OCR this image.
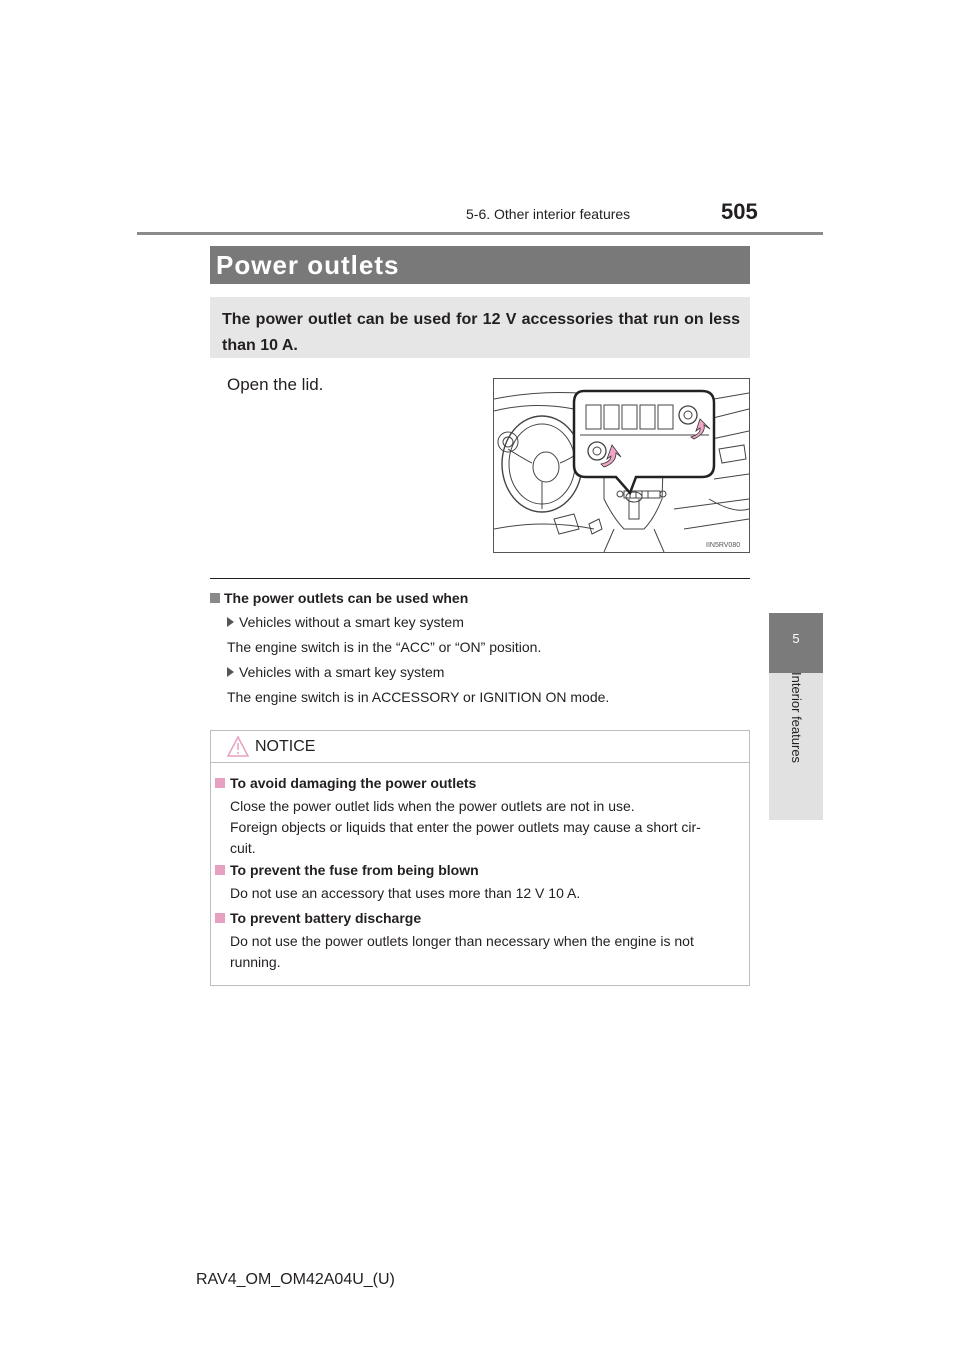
5-6. Other interior features	505
5
Interior features
Power outlets
The power outlet can be used for 12 V accessories that run on less than 10 A.
Open the lid.
IIN5RV080
The power outlets can be used when
Vehicles without a smart key system
The engine switch is in the “ACC” or “ON” position.
Vehicles with a smart key system
The engine switch is in ACCESSORY or IGNITION ON mode.
NOTICE
To avoid damaging the power outlets
Close the power outlet lids when the power outlets are not in use.
Foreign objects or liquids that enter the power outlets may cause a short cir-
cuit.
To prevent the fuse from being blown
Do not use an accessory that uses more than 12 V 10 A.
To prevent battery discharge
Do not use the power outlets longer than necessary when the engine is not
running.
RAV4_OM_OM42A04U_(U)
